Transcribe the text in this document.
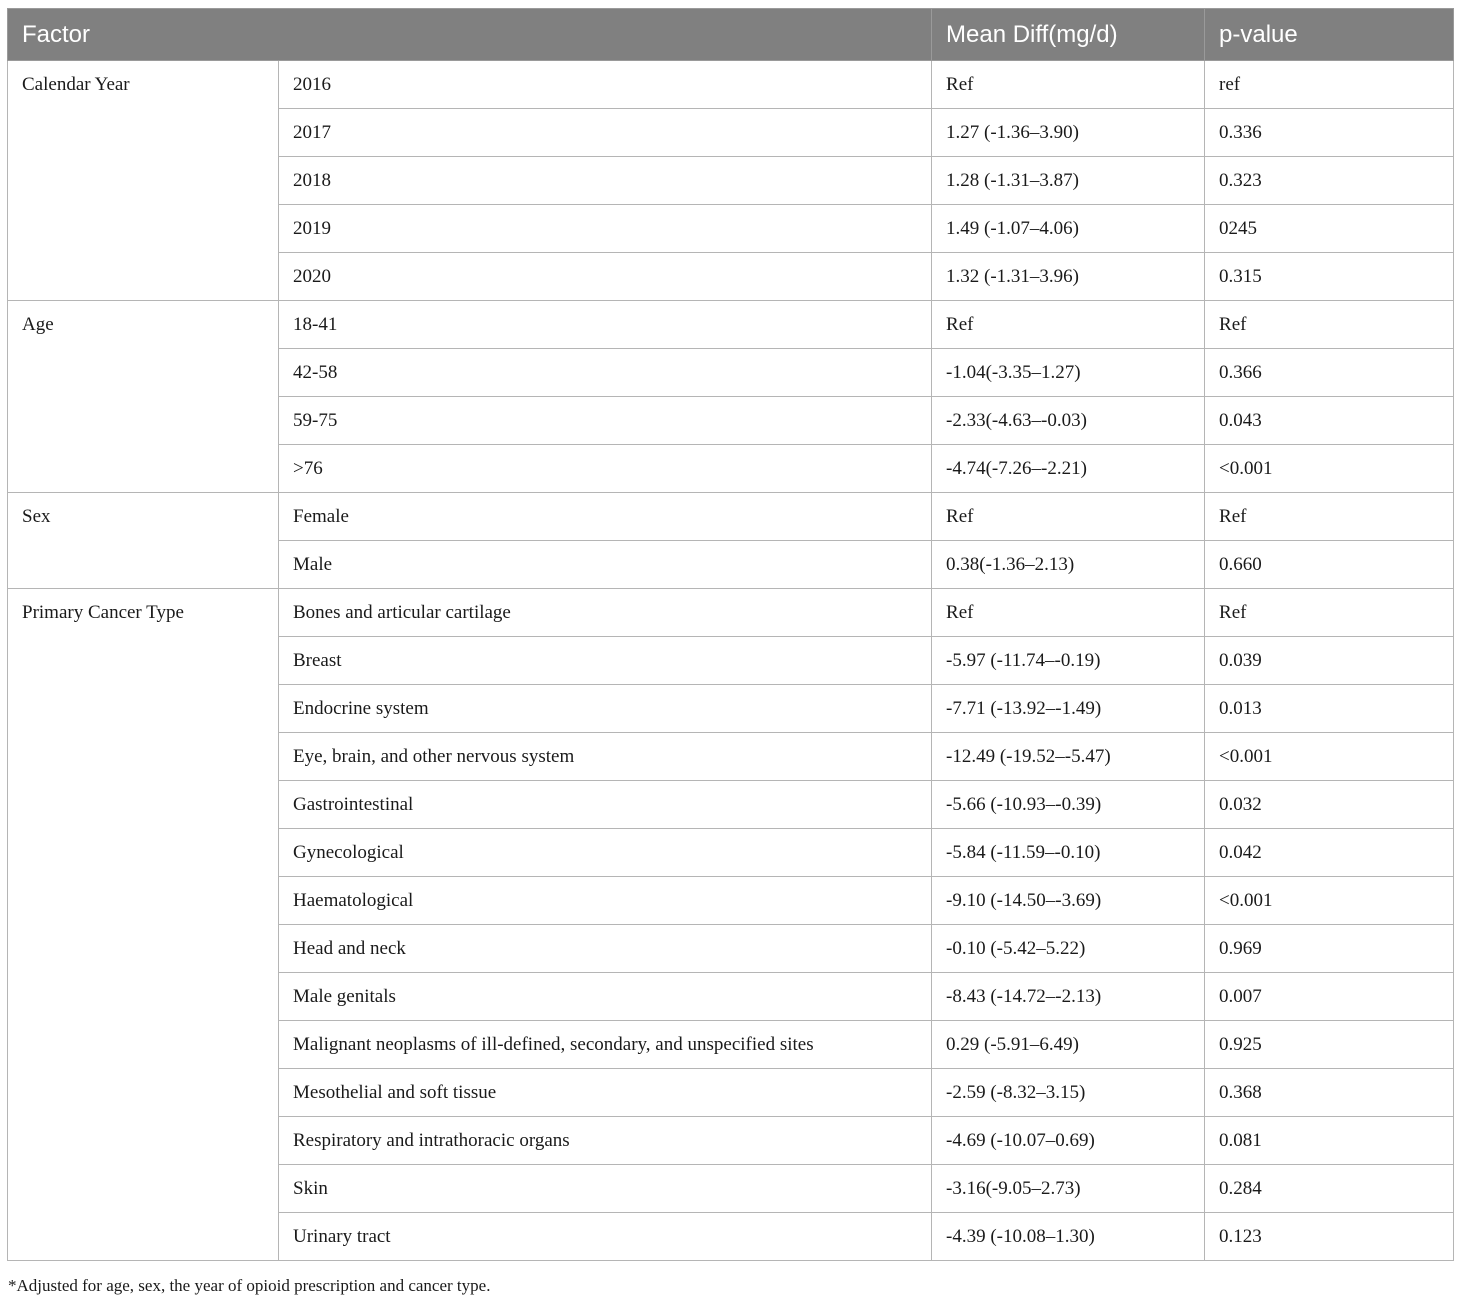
Factor		Mean Diff(mg/d)	p-value
Calendar Year	2016	Ref	ref
	2017	1.27 (-1.36–3.90)	0.336
	2018	1.28 (-1.31–3.87)	0.323
	2019	1.49 (-1.07–4.06)	0245
	2020	1.32 (-1.31–3.96)	0.315
Age	18-41	Ref	Ref
	42-58	-1.04(-3.35–1.27)	0.366
	59-75	-2.33(-4.63–-0.03)	0.043
	>76	-4.74(-7.26–-2.21)	<0.001
Sex	Female	Ref	Ref
	Male	0.38(-1.36–2.13)	0.660
Primary Cancer Type	Bones and articular cartilage	Ref	Ref
	Breast	-5.97 (-11.74–-0.19)	0.039
	Endocrine system	-7.71 (-13.92–-1.49)	0.013
	Eye, brain, and other nervous system	-12.49 (-19.52–-5.47)	<0.001
	Gastrointestinal	-5.66 (-10.93–-0.39)	0.032
	Gynecological	-5.84 (-11.59–-0.10)	0.042
	Haematological	-9.10 (-14.50–-3.69)	<0.001
	Head and neck	-0.10 (-5.42–5.22)	0.969
	Male genitals	-8.43 (-14.72–-2.13)	0.007
	Malignant neoplasms of ill-defined, secondary, and unspecified sites	0.29 (-5.91–6.49)	0.925
	Mesothelial and soft tissue	-2.59 (-8.32–3.15)	0.368
	Respiratory and intrathoracic organs	-4.69 (-10.07–0.69)	0.081
	Skin	-3.16(-9.05–2.73)	0.284
	Urinary tract	-4.39 (-10.08–1.30)	0.123
*Adjusted for age, sex, the year of opioid prescription and cancer type.
